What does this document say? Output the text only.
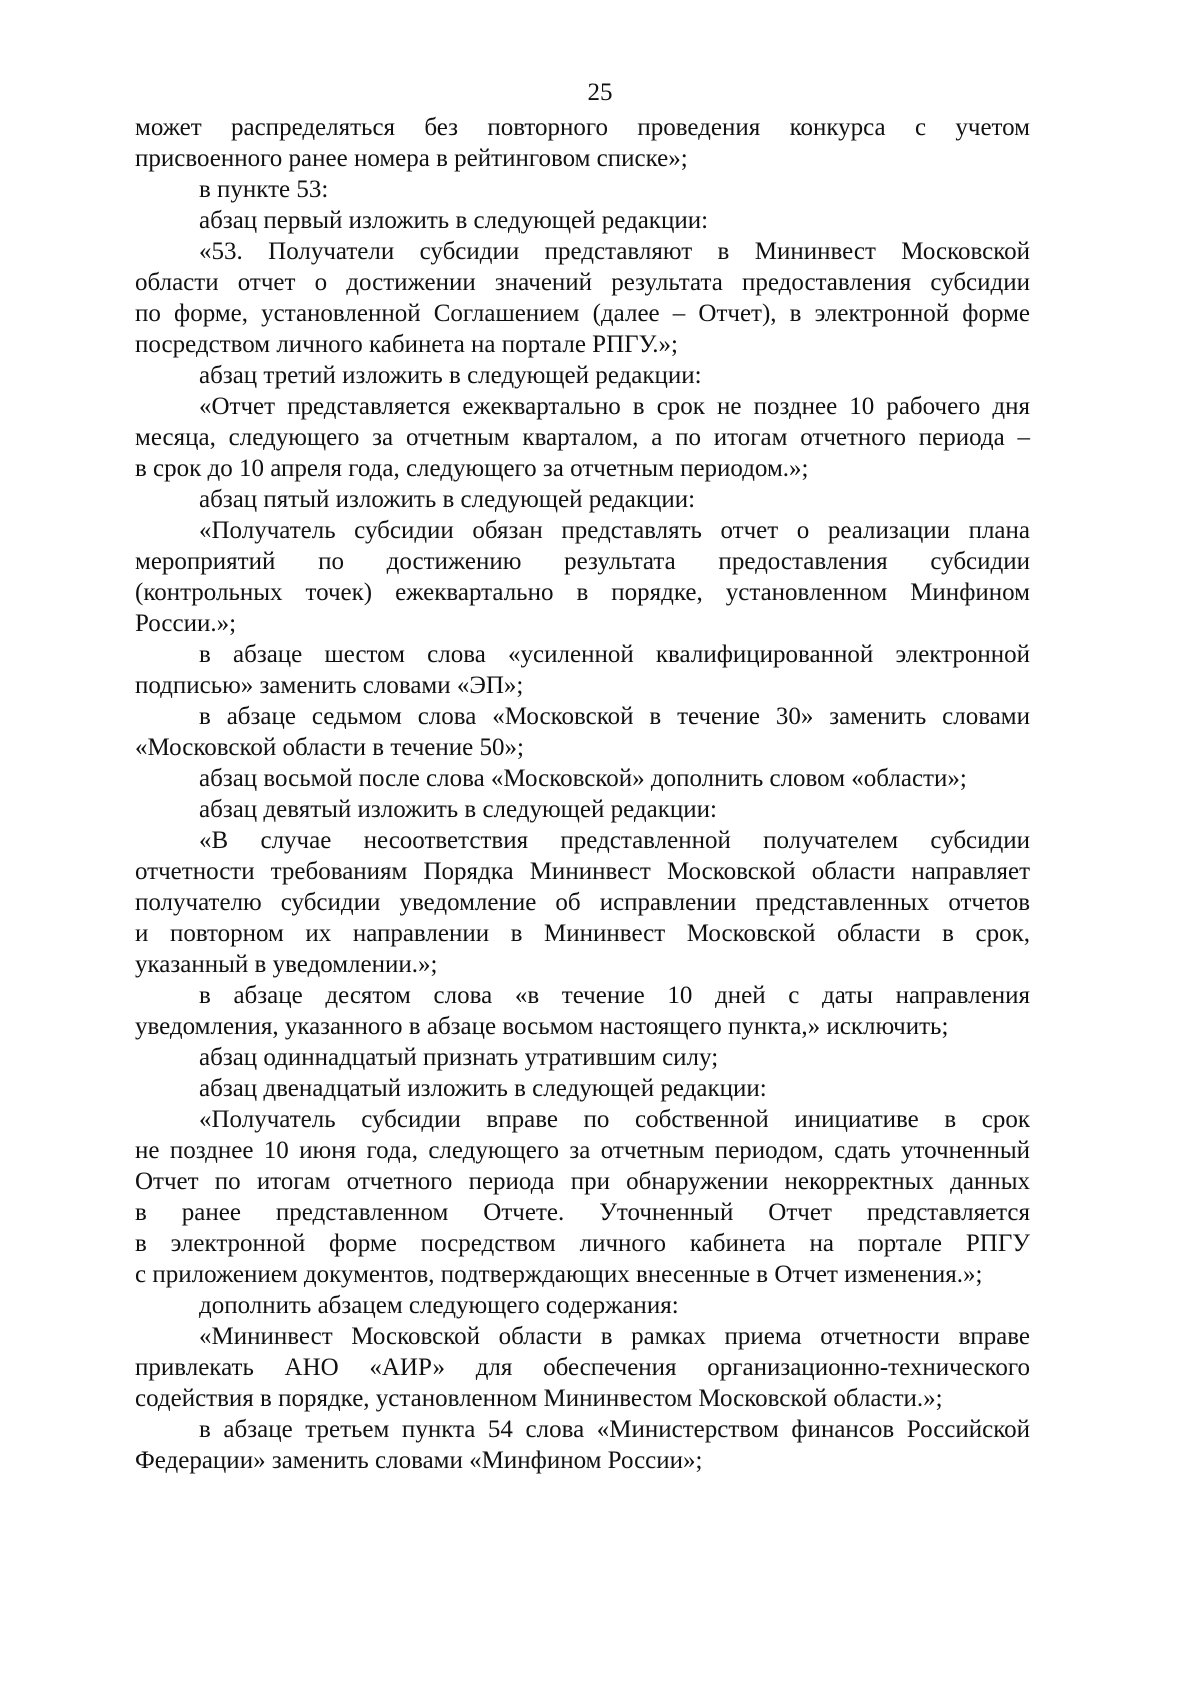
25
может распределяться без повторного проведения конкурса с учетом
присвоенного ранее номера в рейтинговом списке»;
в пункте 53:
абзац первый изложить в следующей редакции:
«53. Получатели субсидии представляют в Мининвест Московской
области отчет о достижении значений результата предоставления субсидии
по форме, установленной Соглашением (далее – Отчет), в электронной форме
посредством личного кабинета на портале РПГУ.»;
абзац третий изложить в следующей редакции:
«Отчет представляется ежеквартально в срок не позднее 10 рабочего дня
месяца, следующего за отчетным кварталом, а по итогам отчетного периода –
в срок до 10 апреля года, следующего за отчетным периодом.»;
абзац пятый изложить в следующей редакции:
«Получатель субсидии обязан представлять отчет о реализации плана
мероприятий по достижению результата предоставления субсидии
(контрольных точек) ежеквартально в порядке, установленном Минфином
России.»;
в абзаце шестом слова «усиленной квалифицированной электронной
подписью» заменить словами «ЭП»;
в абзаце седьмом слова «Московской в течение 30» заменить словами
«Московской области в течение 50»;
абзац восьмой после слова «Московской» дополнить словом «области»;
абзац девятый изложить в следующей редакции:
«В случае несоответствия представленной получателем субсидии
отчетности требованиям Порядка Мининвест Московской области направляет
получателю субсидии уведомление об исправлении представленных отчетов
и повторном их направлении в Мининвест Московской области в срок,
указанный в уведомлении.»;
в абзаце десятом слова «в течение 10 дней с даты направления
уведомления, указанного в абзаце восьмом настоящего пункта,» исключить;
абзац одиннадцатый признать утратившим силу;
абзац двенадцатый изложить в следующей редакции:
«Получатель субсидии вправе по собственной инициативе в срок
не позднее 10 июня года, следующего за отчетным периодом, сдать уточненный
Отчет по итогам отчетного периода при обнаружении некорректных данных
в ранее представленном Отчете. Уточненный Отчет представляется
в электронной форме посредством личного кабинета на портале РПГУ
с приложением документов, подтверждающих внесенные в Отчет изменения.»;
дополнить абзацем следующего содержания:
«Мининвест Московской области в рамках приема отчетности вправе
привлекать АНО «АИР» для обеспечения организационно-технического
содействия в порядке, установленном Мининвестом Московской области.»;
в абзаце третьем пункта 54 слова «Министерством финансов Российской
Федерации» заменить словами «Минфином России»;
